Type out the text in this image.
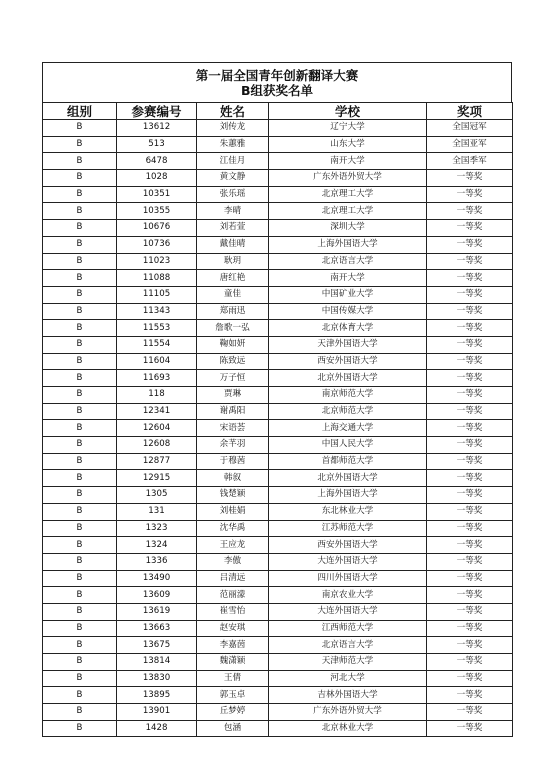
第一届全国青年创新翻译大赛
B组获奖名单
组别	参赛编号	姓名	学校	奖项
B	13612	刘传龙	辽宁大学	全国冠军
B	513	朱蕙雅	山东大学	全国亚军
B	6478	江佳月	南开大学	全国季军
B	1028	黄文静	广东外语外贸大学	一等奖
B	10351	张乐瑶	北京理工大学	一等奖
B	10355	李晴	北京理工大学	一等奖
B	10676	刘若萱	深圳大学	一等奖
B	10736	戴佳晴	上海外国语大学	一等奖
B	11023	耿玥	北京语言大学	一等奖
B	11088	唐红艳	南开大学	一等奖
B	11105	童佳	中国矿业大学	一等奖
B	11343	郑雨迅	中国传媒大学	一等奖
B	11553	詹歌一弘	北京体育大学	一等奖
B	11554	鞠如妍	天津外国语大学	一等奖
B	11604	陈致远	西安外国语大学	一等奖
B	11693	万子恒	北京外国语大学	一等奖
B	118	贾琳	南京师范大学	一等奖
B	12341	谢禹阳	北京师范大学	一等奖
B	12604	宋语荟	上海交通大学	一等奖
B	12608	余芊羽	中国人民大学	一等奖
B	12877	于穆茜	首都师范大学	一等奖
B	12915	韩叙	北京外国语大学	一等奖
B	1305	钱楚颖	上海外国语大学	一等奖
B	131	刘桂娟	东北林业大学	一等奖
B	1323	沈华禹	江苏师范大学	一等奖
B	1324	王应龙	西安外国语大学	一等奖
B	1336	李傲	大连外国语大学	一等奖
B	13490	吕清远	四川外国语大学	一等奖
B	13609	范丽濛	南京农业大学	一等奖
B	13619	崔雪怡	大连外国语大学	一等奖
B	13663	赵安琪	江西师范大学	一等奖
B	13675	李嘉茵	北京语言大学	一等奖
B	13814	魏潇颖	天津师范大学	一等奖
B	13830	王倩	河北大学	一等奖
B	13895	郭玉卓	吉林外国语大学	一等奖
B	13901	丘梦婷	广东外语外贸大学	一等奖
B	1428	包涵	北京林业大学	一等奖
